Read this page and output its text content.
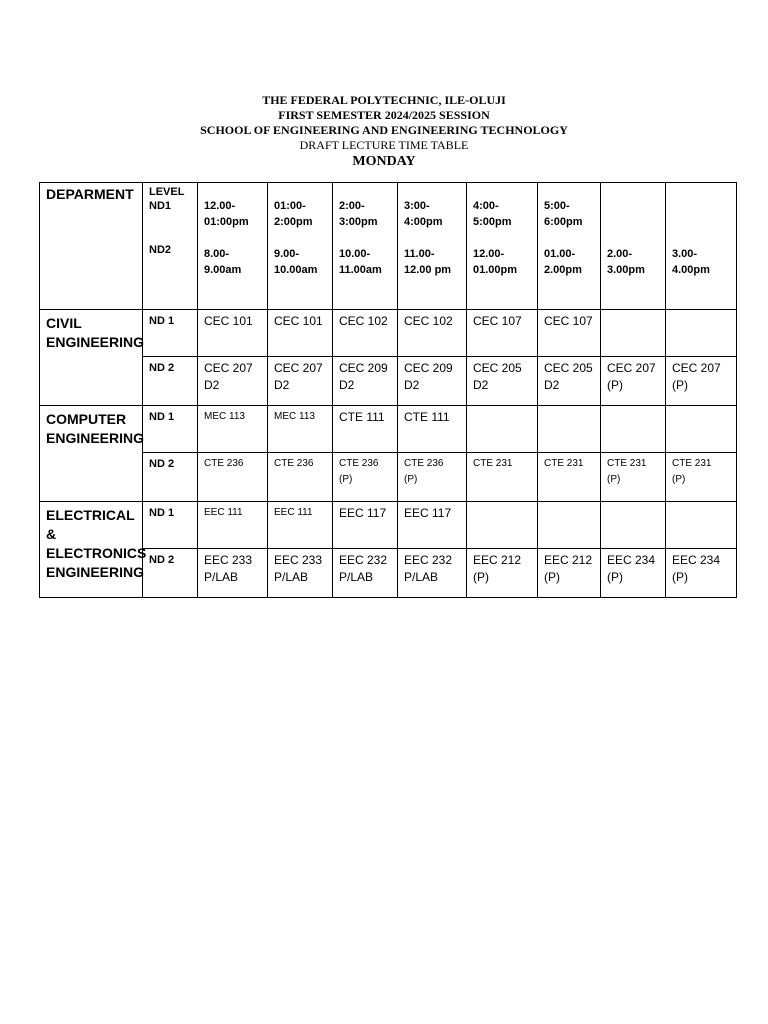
THE FEDERAL POLYTECHNIC, ILE-OLUJI
FIRST SEMESTER 2024/2025 SESSION
SCHOOL OF ENGINEERING AND ENGINEERING TECHNOLOGY
DRAFT LECTURE TIME TABLE
MONDAY
DEPARMENT	LEVEL
ND1
ND2	12.00-
01:00pm
8.00-
9.00am	01:00-
2:00pm
9.00-
10.00am	2:00-
3:00pm
10.00-
11.00am	3:00-
4:00pm
11.00-
12.00 pm	4:00-
5:00pm
12.00-
01.00pm	5:00-
6:00pm
01.00-
2.00pm	2.00-
3.00pm	3.00-
4.00pm

CIVIL
ENGINEERING	ND 1	CEC 101	CEC 101	CEC 102	CEC 102	CEC 107	CEC 107		

	ND 2	CEC 207
D2	CEC 207
D2	CEC 209
D2	CEC 209
D2	CEC 205
D2	CEC 205
D2	CEC 207
(P)	CEC 207
(P)

COMPUTER
ENGINEERING	ND 1	MEC 113	MEC 113	CTE 111	CTE 111				

	ND 2	CTE 236	CTE 236	CTE 236
(P)	CTE 236
(P)	CTE 231	CTE 231	CTE 231
(P)	CTE 231
(P)

ELECTRICAL &
ELECTRONICS
ENGINEERING	ND 1	EEC 111	EEC 111	EEC 117	EEC 117				

	ND 2	EEC 233
P/LAB	EEC 233
P/LAB	EEC 232
P/LAB	EEC 232
P/LAB	EEC 212
(P)	EEC 212
(P)	EEC 234
(P)	EEC 234
(P)
